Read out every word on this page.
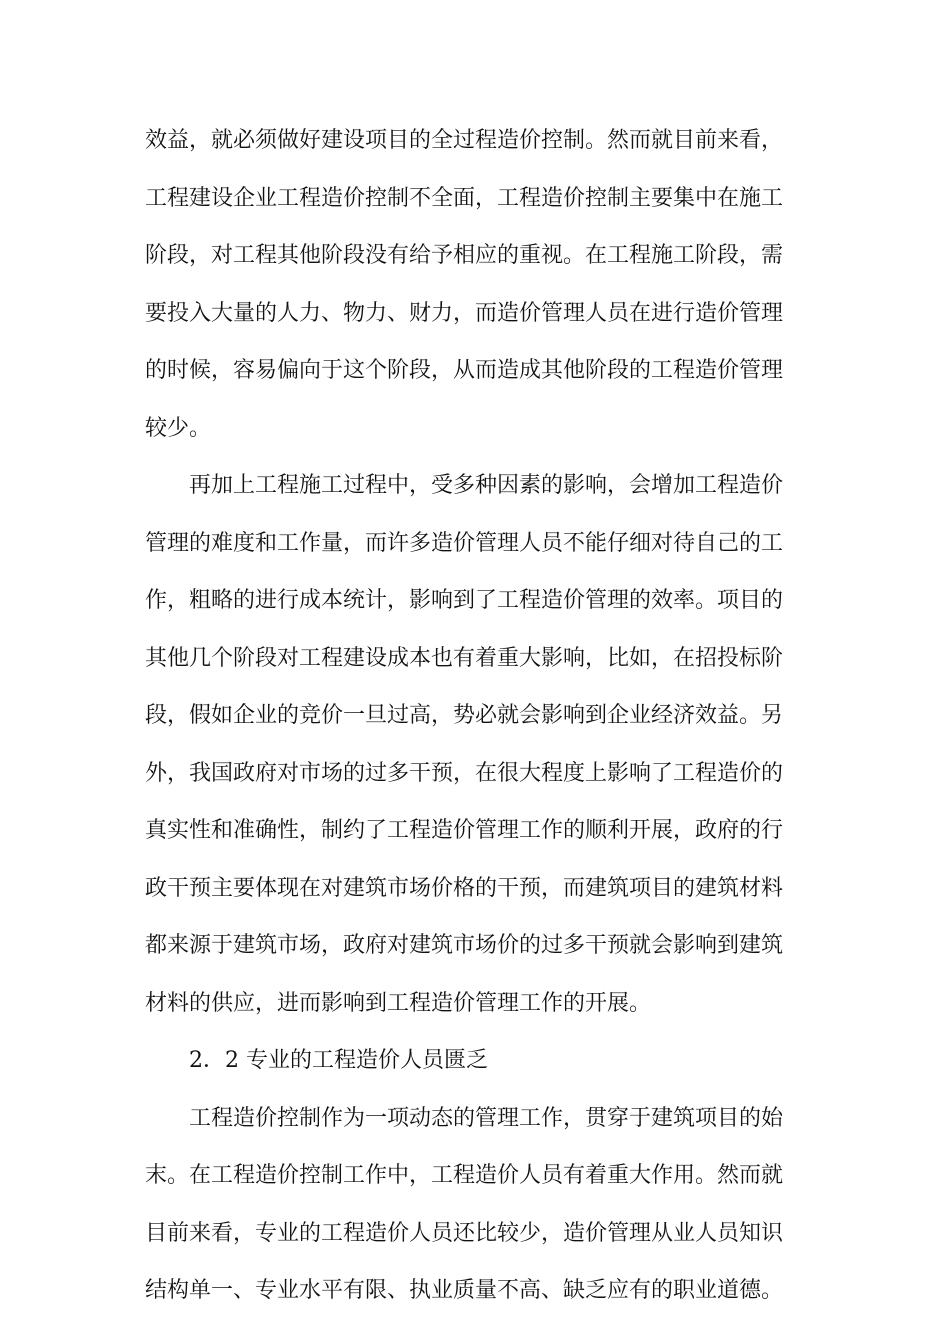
效益，就必须做好建设项目的全过程造价控制。然而就目前来看，
工程建设企业工程造价控制不全面，工程造价控制主要集中在施工
阶段，对工程其他阶段没有给予相应的重视。在工程施工阶段，需
要投入大量的人力、物力、财力，而造价管理人员在进行造价管理
的时候，容易偏向于这个阶段，从而造成其他阶段的工程造价管理
较少。
再加上工程施工过程中，受多种因素的影响，会增加工程造价
管理的难度和工作量，而许多造价管理人员不能仔细对待自己的工
作，粗略的进行成本统计，影响到了工程造价管理的效率。项目的
其他几个阶段对工程建设成本也有着重大影响，比如，在招投标阶
段，假如企业的竞价一旦过高，势必就会影响到企业经济效益。另
外，我国政府对市场的过多干预，在很大程度上影响了工程造价的
真实性和准确性，制约了工程造价管理工作的顺利开展，政府的行
政干预主要体现在对建筑市场价格的干预，而建筑项目的建筑材料
都来源于建筑市场，政府对建筑市场价的过多干预就会影响到建筑
材料的供应，进而影响到工程造价管理工作的开展。
2．2 专业的工程造价人员匮乏
工程造价控制作为一项动态的管理工作，贯穿于建筑项目的始
末。在工程造价控制工作中，工程造价人员有着重大作用。然而就
目前来看，专业的工程造价人员还比较少，造价管理从业人员知识
结构单一、专业水平有限、执业质量不高、缺乏应有的职业道德。
